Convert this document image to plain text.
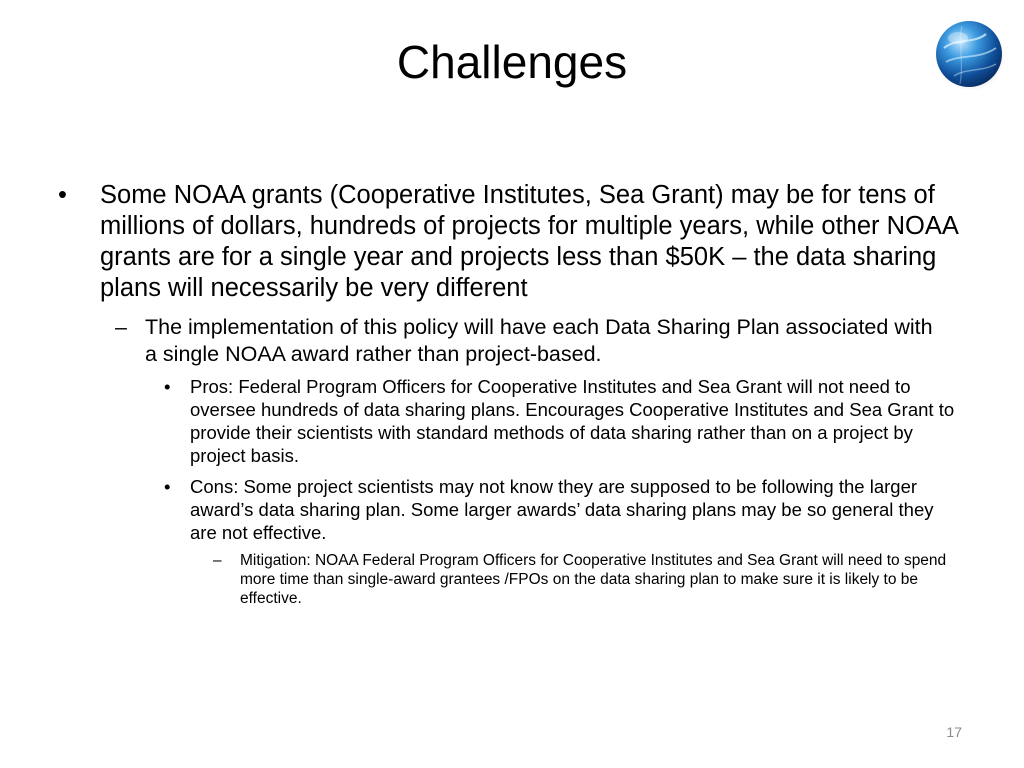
Challenges
• Some NOAA grants (Cooperative Institutes, Sea Grant) may be for tens of millions of dollars, hundreds of projects for multiple years, while other NOAA grants are for a single year and projects less than $50K – the data sharing plans will necessarily be very different
– The implementation of this policy will have each Data Sharing Plan associated with a single NOAA award rather than project-based.
• Pros: Federal Program Officers for Cooperative Institutes and Sea Grant will not need to oversee hundreds of data sharing plans. Encourages Cooperative Institutes and Sea Grant to provide their scientists with standard methods of data sharing rather than on a project by project basis.
• Cons: Some project scientists may not know they are supposed to be following the larger award’s data sharing plan. Some larger awards’ data sharing plans may be so general they are not effective.
– Mitigation: NOAA Federal Program Officers for Cooperative Institutes and Sea Grant will need to spend more time than single-award grantees /FPOs on the data sharing plan to make sure it is likely to be effective.
17
